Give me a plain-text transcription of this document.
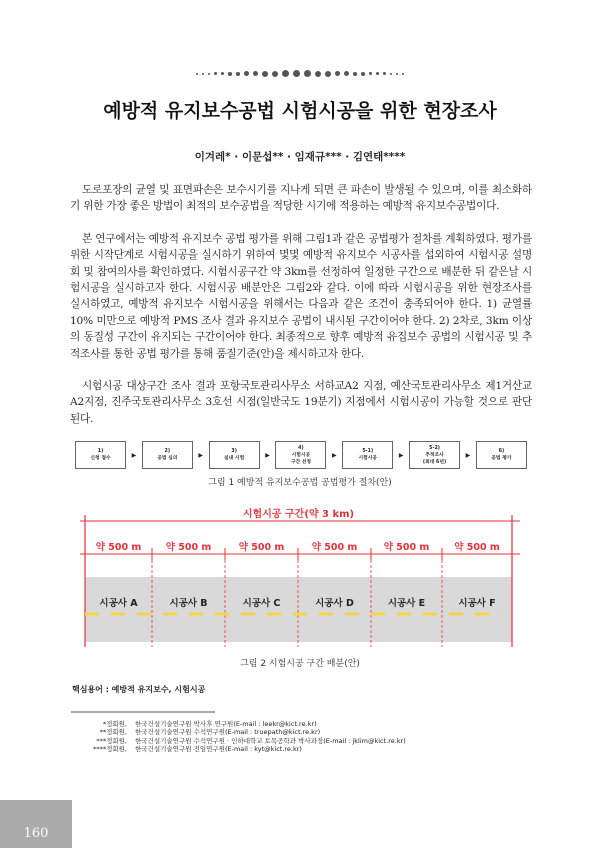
예방적 유지보수공법 시험시공을 위한 현장조사
이겨레* · 이문섭** · 임재규*** · 김연태****

도로포장의 균열 및 표면파손은 보수시기를 지나게 되면 큰 파손이 발생될 수 있으며, 이를 최소화하기 위한 가장 좋은 방법이 최적의 보수공법을 적당한 시기에 적용하는 예방적 유지보수공법이다.

본 연구에서는 예방적 유지보수 공법 평가를 위해 그림1과 같은 공법평가 절차를 계획하였다. 평가를 위한 시작단계로 시험시공을 실시하기 위하여 몇몇 예방적 유지보수 시공사를 섭외하여 시험시공 설명회 및 참여의사를 확인하였다. 시험시공구간 약 3km를 선정하여 일정한 구간으로 배분한 뒤 같은날 시험시공을 실시하고자 한다. 시험시공 배분안은 그림2와 같다. 이에 따라 시험시공을 위한 현장조사를 실시하였고, 예방적 유지보수 시험시공을 위해서는 다음과 같은 조건이 충족되어야 한다. 1) 균열률 10% 미만으로 예방적 PMS 조사 결과 유지보수 공법이 내시된 구간이어야 한다. 2) 2차로, 3km 이상의 동질성 구간이 유지되는 구간이어야 한다. 최종적으로 향후 예방적 유집보수 공법의 시험시공 및 추적조사를 통한 공법 평가를 통해 품질기준(안)을 제시하고자 한다.

시험시공 대상구간 조사 결과 포항국토관리사무소 서하교A2 지점, 예산국토관리사무소 제1거산교A2지점, 진주국토관리사무소 3호선 시점(일반국도 19분기) 지점에서 시험시공이 가능할 것으로 판단된다.

1)
신청 접수	▶	2)
공법 심의	▶	3)
실내 시험	▶
4)
시험시공
구간 선정
▶	5-1)
시험시공	▶
5-2)
추적조사
(최대 6년)
▶	6)
공법 평가
그림 1 예방적 유지보수공법 공법평가 절차(안)
시험시공 구간(약 3 km)
약 500 m
시공사 A
약 500 m
시공사 B
약 500 m
시공사 C
약 500 m
시공사 D
약 500 m
시공사 E
약 500 m
시공사 F
그림 2 시험시공 구간 배분(안)
핵심용어 : 예방적 유지보수, 시험시공
*정회원,	한국건설기술연구원 박사후 연구원(E-mail : leekr@kict.re.kr)
**정회원,	한국건설기술연구원 수석연구원(E-mail : truepath@kict.re.kr)
***정회원,	한국건설기술연구원 수석연구원 · 인하대학교 토목공학과 박사과정(E-mail : jklim@kict.re.kr)
****정회원,	한국건설기술연구원 전임연구원(E-mail : kyt@kict.re.kr)
160
